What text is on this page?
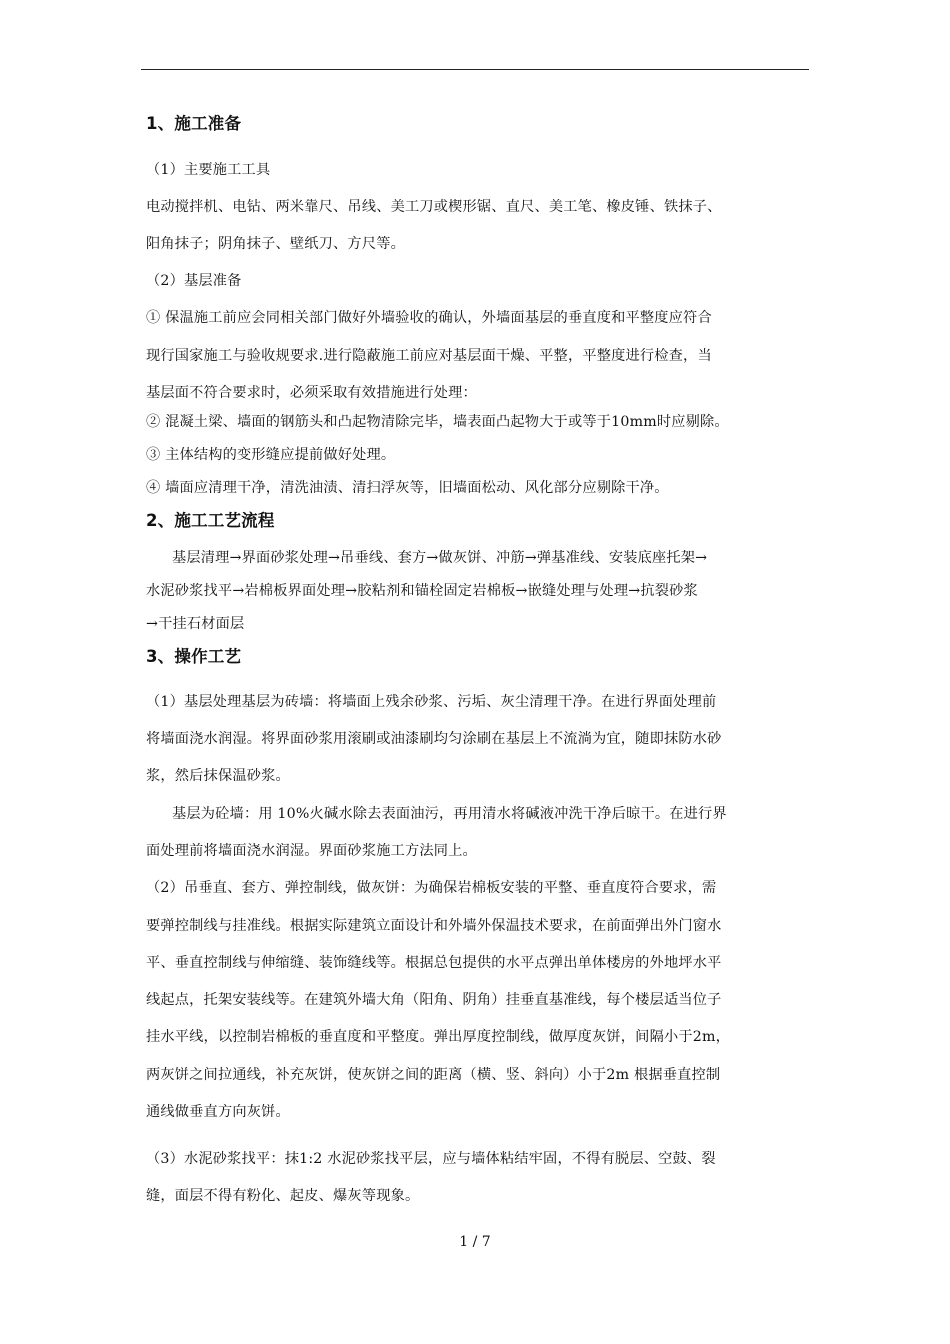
1、施工准备
（1）主要施工工具
电动搅拌机、电钻、两米靠尺、吊线、美工刀或楔形锯、直尺、美工笔、橡皮锤、铁抹子、
阳角抹子；阴角抹子、壁纸刀、方尺等。
（2）基层准备
① 保温施工前应会同相关部门做好外墙验收的确认，外墙面基层的垂直度和平整度应符合
现行国家施工与验收规要求.进行隐蔽施工前应对基层面干燥、平整，平整度进行检查，当
基层面不符合要求时，必须采取有效措施进行处理：
② 混凝土梁、墙面的钢筋头和凸起物清除完毕，墙表面凸起物大于或等于10mm时应剔除。
③ 主体结构的变形缝应提前做好处理。
④ 墙面应清理干净，清洗油渍、清扫浮灰等，旧墙面松动、风化部分应剔除干净。
2、施工工艺流程
基层清理→界面砂浆处理→吊垂线、套方→做灰饼、冲筋→弹基准线、安装底座托架→
水泥砂浆找平→岩棉板界面处理→胶粘剂和锚栓固定岩棉板→嵌缝处理与处理→抗裂砂浆
→干挂石材面层
3、操作工艺
（1）基层处理基层为砖墙：将墙面上残余砂浆、污垢、灰尘清理干净。在进行界面处理前
将墙面浇水润湿。将界面砂浆用滚刷或油漆刷均匀涂刷在基层上不流淌为宜，随即抹防水砂
浆，然后抹保温砂浆。
基层为砼墙：用 10%火碱水除去表面油污，再用清水将碱液冲洗干净后晾干。在进行界
面处理前将墙面浇水润湿。界面砂浆施工方法同上。
（2）吊垂直、套方、弹控制线，做灰饼：为确保岩棉板安装的平整、垂直度符合要求，需
要弹控制线与挂准线。根据实际建筑立面设计和外墙外保温技术要求，在前面弹出外门窗水
平、垂直控制线与伸缩缝、装饰缝线等。根据总包提供的水平点弹出单体楼房的外地坪水平
线起点，托架安装线等。在建筑外墙大角（阳角、阴角）挂垂直基准线，每个楼层适当位子
挂水平线，以控制岩棉板的垂直度和平整度。弹出厚度控制线，做厚度灰饼，间隔小于2m，
两灰饼之间拉通线，补充灰饼，使灰饼之间的距离（横、竖、斜向）小于2m 根据垂直控制
通线做垂直方向灰饼。
（3）水泥砂浆找平：抹1:2 水泥砂浆找平层，应与墙体粘结牢固，不得有脱层、空鼓、裂
缝，面层不得有粉化、起皮、爆灰等现象。
1 / 7
